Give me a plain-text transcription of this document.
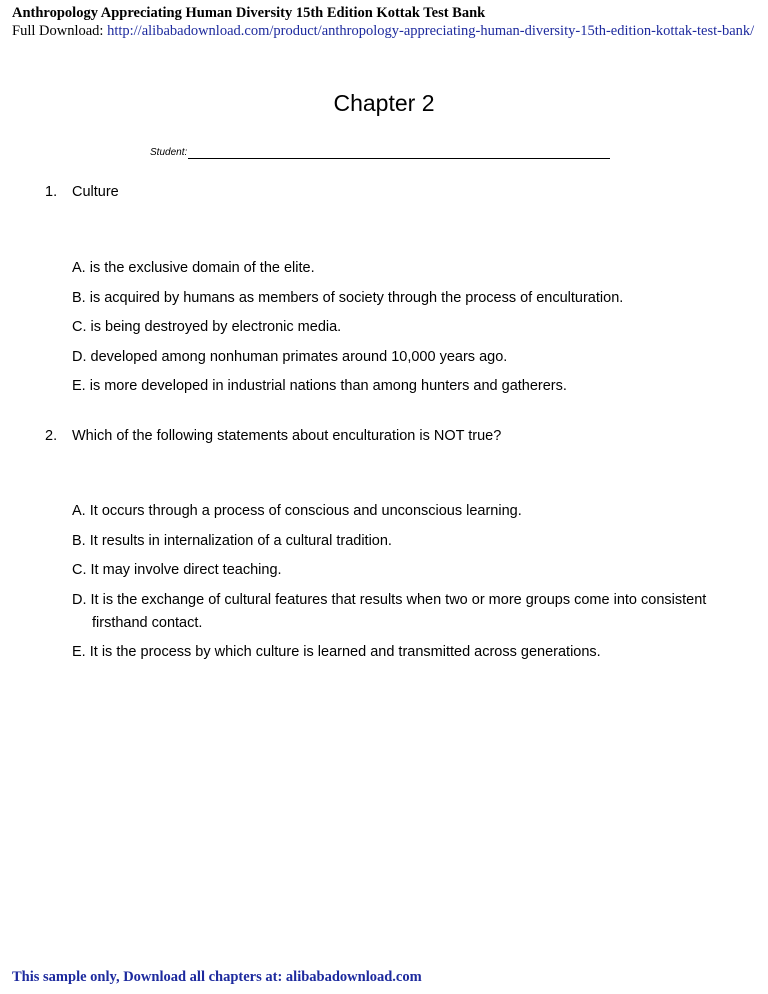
Anthropology Appreciating Human Diversity 15th Edition Kottak Test Bank
Full Download: http://alibabadownload.com/product/anthropology-appreciating-human-diversity-15th-edition-kottak-test-bank/
Chapter 2
Student:
1. Culture
A. is the exclusive domain of the elite.
B. is acquired by humans as members of society through the process of enculturation.
C. is being destroyed by electronic media.
D. developed among nonhuman primates around 10,000 years ago.
E. is more developed in industrial nations than among hunters and gatherers.
2. Which of the following statements about enculturation is NOT true?
A. It occurs through a process of conscious and unconscious learning.
B. It results in internalization of a cultural tradition.
C. It may involve direct teaching.
D. It is the exchange of cultural features that results when two or more groups come into consistent firsthand contact.
E. It is the process by which culture is learned and transmitted across generations.
This sample only, Download all chapters at: alibabadownload.com
